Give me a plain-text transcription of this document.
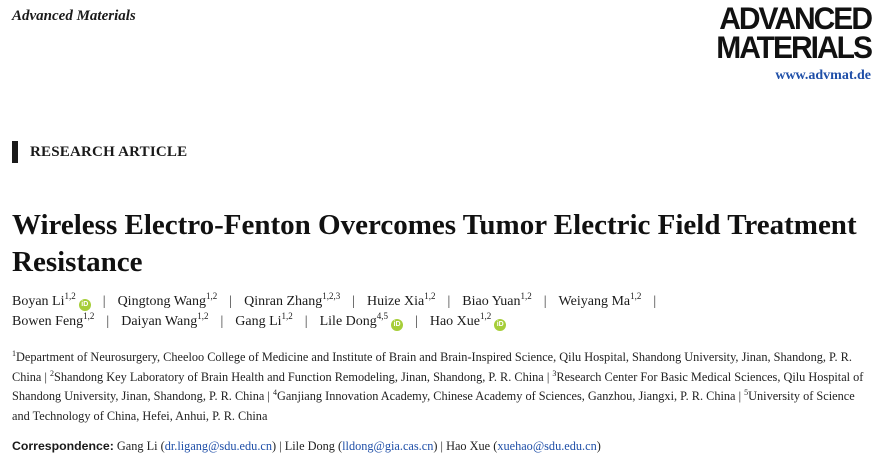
Advanced Materials	ADVANCED
MATERIALS
www.advmat.de
RESEARCH ARTICLE
Wireless Electro-Fenton Overcomes Tumor Electric Field Treatment Resistance
Boyan Li$^{1,2}$iD | Qingtong Wang$^{1,2}$ | Qinran Zhang$^{1,2,3}$ | Huize Xia$^{1,2}$ | Biao Yuan$^{1,2}$ | Weiyang Ma$^{1,2}$ |
Bowen Feng$^{1,2}$ | Daiyan Wang$^{1,2}$ | Gang Li$^{1,2}$ | Lile Dong$^{4,5}$iD | Hao Xue$^{1,2}$iD
$^1$Department of Neurosurgery, Cheeloo College of Medicine and Institute of Brain and Brain-Inspired Science, Qilu Hospital, Shandong University, Jinan, Shandong, P. R. China | $^2$Shandong Key Laboratory of Brain Health and Function Remodeling, Jinan, Shandong, P. R. China | $^3$Research Center For Basic Medical Sciences, Qilu Hospital of Shandong University, Jinan, Shandong, P. R. China | $^4$Ganjiang Innovation Academy, Chinese Academy of Sciences, Ganzhou, Jiangxi, P. R. China | $^5$University of Science and Technology of China, Hefei, Anhui, P. R. China
Correspondence: Gang Li (dr.ligang@sdu.edu.cn) | Lile Dong (lldong@gia.cas.cn) | Hao Xue (xuehao@sdu.edu.cn)
